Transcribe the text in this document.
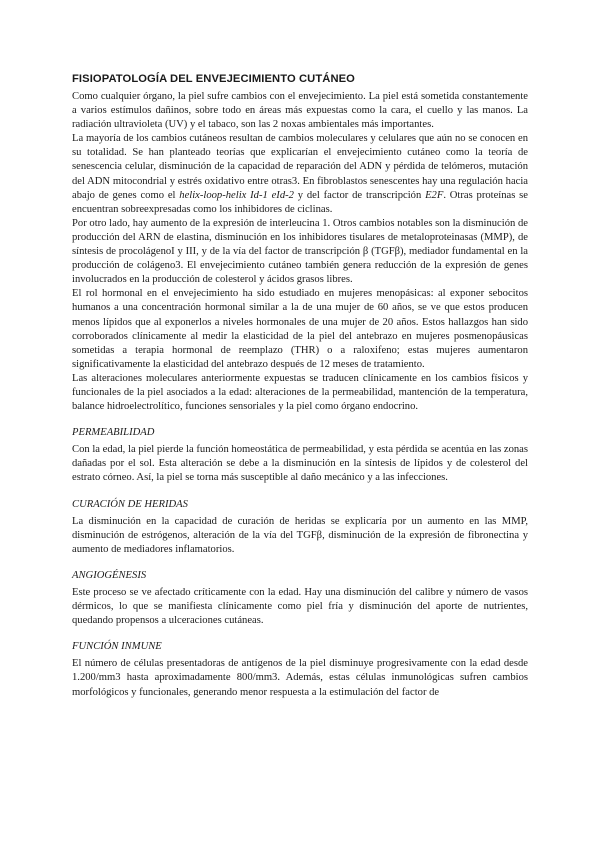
FISIOPATOLOGÍA DEL ENVEJECIMIENTO CUTÁNEO

Como cualquier órgano, la piel sufre cambios con el envejecimiento. La piel está sometida constantemente a varios estímulos dañinos, sobre todo en áreas más expuestas como la cara, el cuello y las manos. La radiación ultravioleta (UV) y el tabaco, son las 2 noxas ambientales más importantes.

La mayoría de los cambios cutáneos resultan de cambios moleculares y celulares que aún no se conocen en su totalidad. Se han planteado teorías que explicarían el envejecimiento cutáneo como la teoría de senescencia celular, disminución de la capacidad de reparación del ADN y pérdida de telómeros, mutación del ADN mitocondrial y estrés oxidativo entre otras3. En fibroblastos senescentes hay una regulación hacia abajo de genes como el helix-loop-helix Id-1 eId-2 y del factor de transcripción E2F. Otras proteínas se encuentran sobreexpresadas como los inhibidores de ciclinas.

Por otro lado, hay aumento de la expresión de interleucina 1. Otros cambios notables son la disminución de producción del ARN de elastina, disminución en los inhibidores tisulares de metaloproteinasas (MMP), de síntesis de procolágenoI y III, y de la vía del factor de transcripción β (TGFβ), mediador fundamental en la producción de colágeno3. El envejecimiento cutáneo también genera reducción de la expresión de genes involucrados en la producción de colesterol y ácidos grasos libres.

El rol hormonal en el envejecimiento ha sido estudiado en mujeres menopásicas: al exponer sebocitos humanos a una concentración hormonal similar a la de una mujer de 60 años, se ve que estos producen menos lípidos que al exponerlos a niveles hormonales de una mujer de 20 años. Estos hallazgos han sido corroborados clínicamente al medir la elasticidad de la piel del antebrazo en mujeres posmenopáusicas sometidas a terapia hormonal de reemplazo (THR) o a raloxifeno; estas mujeres aumentaron significativamente la elasticidad del antebrazo después de 12 meses de tratamiento.

Las alteraciones moleculares anteriormente expuestas se traducen clínicamente en los cambios físicos y funcionales de la piel asociados a la edad: alteraciones de la permeabilidad, mantención de la temperatura, balance hidroelectrolítico, funciones sensoriales y la piel como órgano endocrino.

PERMEABILIDAD

Con la edad, la piel pierde la función homeostática de permeabilidad, y esta pérdida se acentúa en las zonas dañadas por el sol. Esta alteración se debe a la disminución en la síntesis de lípidos y de colesterol del estrato córneo. Así, la piel se torna más susceptible al daño mecánico y a las infecciones.

CURACIÓN DE HERIDAS

La disminución en la capacidad de curación de heridas se explicaría por un aumento en las MMP, disminución de estrógenos, alteración de la vía del TGFβ, disminución de la expresión de fibronectina y aumento de mediadores inflamatorios.

ANGIOGÉNESIS

Este proceso se ve afectado críticamente con la edad. Hay una disminución del calibre y número de vasos dérmicos, lo que se manifiesta clínicamente como piel fría y disminución del aporte de nutrientes, quedando propensos a ulceraciones cutáneas.

FUNCIÓN INMUNE

El número de células presentadoras de antígenos de la piel disminuye progresivamente con la edad desde 1.200/mm3 hasta aproximadamente 800/mm3. Además, estas células inmunológicas sufren cambios morfológicos y funcionales, generando menor respuesta a la estimulación del factor de
